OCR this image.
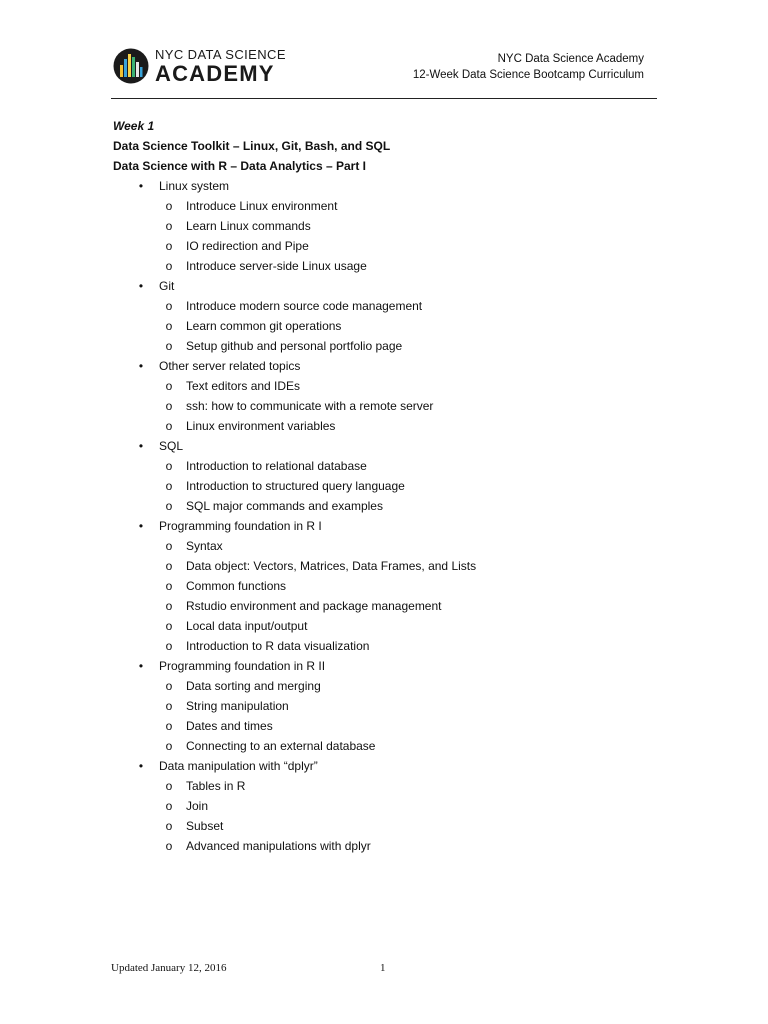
NYC DATA SCIENCE
ACADEMY
NYC Data Science Academy
12-Week Data Science Bootcamp Curriculum
Week 1
Data Science Toolkit – Linux, Git, Bash, and SQL
Data Science with R – Data Analytics – Part I
• Linux system
o Introduce Linux environment
o Learn Linux commands
o IO redirection and Pipe
o Introduce server-side Linux usage
• Git
o Introduce modern source code management
o Learn common git operations
o Setup github and personal portfolio page
• Other server related topics
o Text editors and IDEs
o ssh: how to communicate with a remote server
o Linux environment variables
• SQL
o Introduction to relational database
o Introduction to structured query language
o SQL major commands and examples
• Programming foundation in R I
o Syntax
o Data object: Vectors, Matrices, Data Frames, and Lists
o Common functions
o Rstudio environment and package management
o Local data input/output
o Introduction to R data visualization
• Programming foundation in R II
o Data sorting and merging
o String manipulation
o Dates and times
o Connecting to an external database
• Data manipulation with “dplyr”
o Tables in R
o Join
o Subset
o Advanced manipulations with dplyr
Updated January 12, 2016	1
